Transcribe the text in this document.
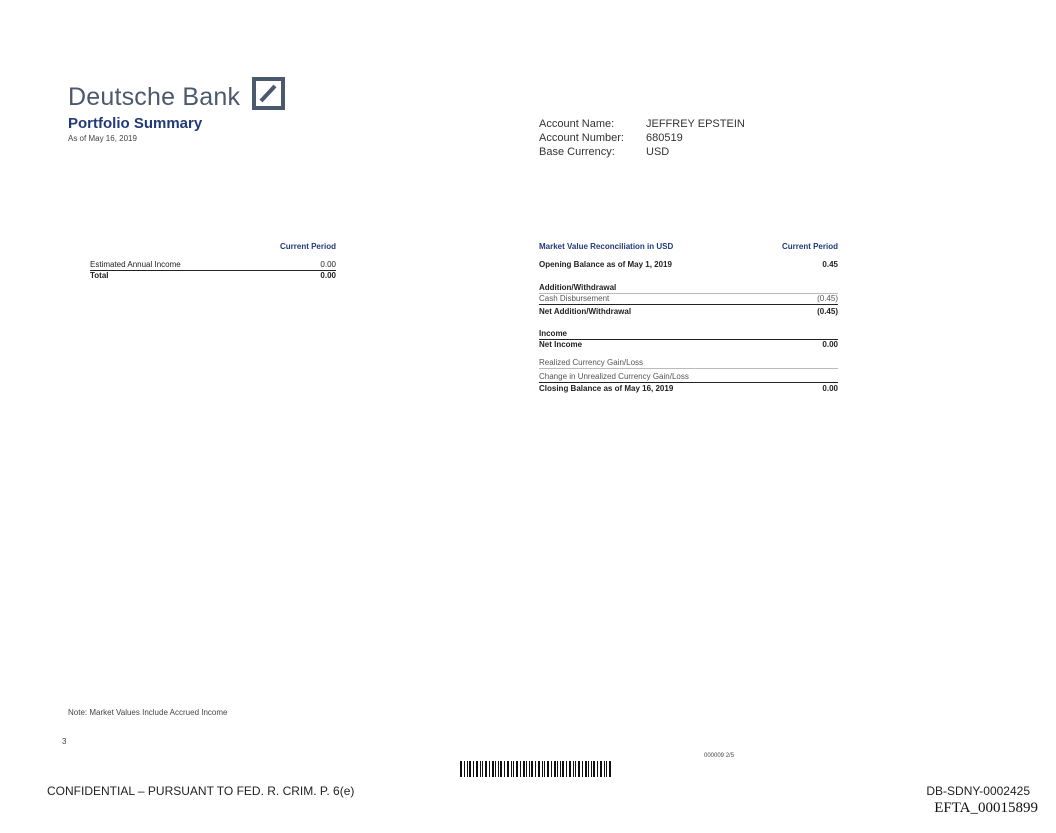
Deutsche Bank
Portfolio Summary
As of May 16, 2019
Account Name:	JEFFREY EPSTEIN
Account Number:	680519
Base Currency:	USD
Current Period
Estimated Annual Income	0.00
Total	0.00
Market Value Reconciliation in USD	Current Period
Opening Balance as of May 1, 2019	0.45
Addition/Withdrawal
Cash Disbursement	(0.45)
Net Addition/Withdrawal	(0.45)
Income
Net Income	0.00
Realized Currency Gain/Loss
Change in Unrealized Currency Gain/Loss
Closing Balance as of May 16, 2019	0.00
Note: Market Values Include Accrued Income
3
000009 2/5
CONFIDENTIAL – PURSUANT TO FED. R. CRIM. P. 6(e)	DB-SDNY-0002425
EFTA_00015899
